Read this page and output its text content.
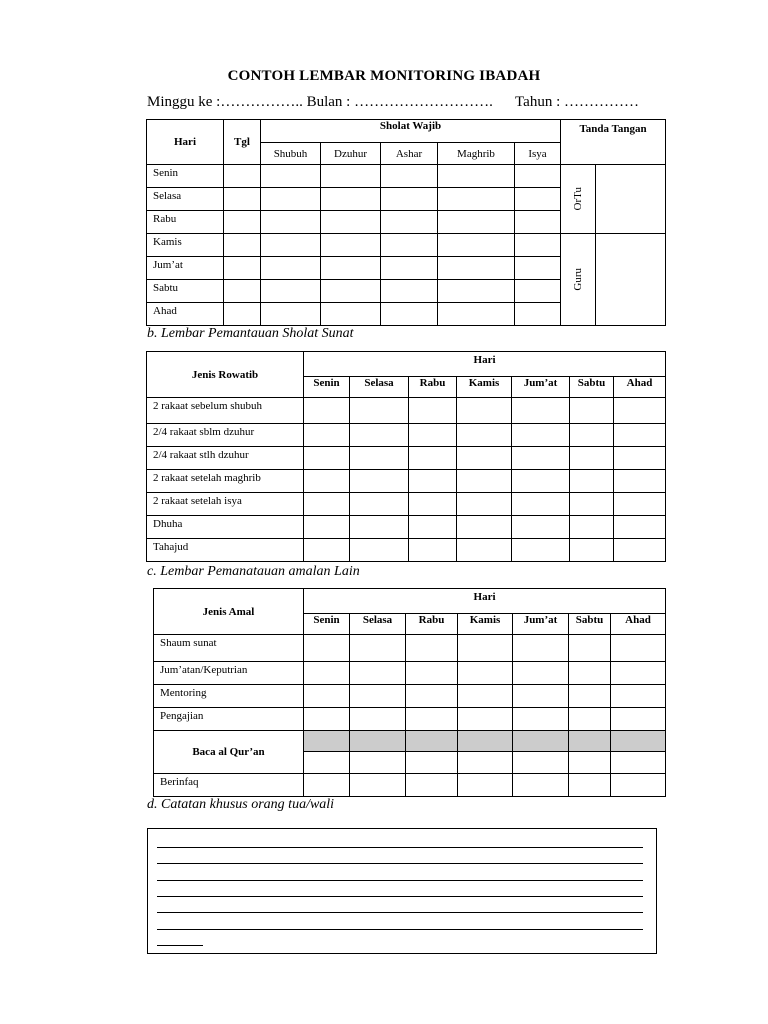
CONTOH LEMBAR MONITORING IBADAH
Minggu ke :…………….. Bulan : ……………………….      Tahun : ……………
Hari	Tgl	Sholat Wajib					Tanda Tangan	
		Shubuh	Dzuhur	Ashar	Maghrib	Isya		
Senin							OrTu	

Selasa								
Rabu								
Kamis							Guru	

Jum’at								
Sabtu								
Ahad								
b. Lembar Pemantauan Sholat Sunat
Jenis Rowatib	Hari						
	Senin	Selasa	Rabu	Kamis	Jum’at	Sabtu	Ahad
2 rakaat sebelum shubuh							
2/4 rakaat sblm dzuhur							
2/4 rakaat stlh dzuhur							
2 rakaat setelah maghrib							
2 rakaat setelah isya							
Dhuha							
Tahajud							
c. Lembar Pemanatauan amalan Lain
Jenis Amal	Hari						
	Senin	Selasa	Rabu	Kamis	Jum’at	Sabtu	Ahad
Shaum sunat							
Jum’atan/Keputrian							
Mentoring							
Pengajian							
Baca al Qur’an							

Berinfaq							
d. Catatan khusus orang tua/wali
